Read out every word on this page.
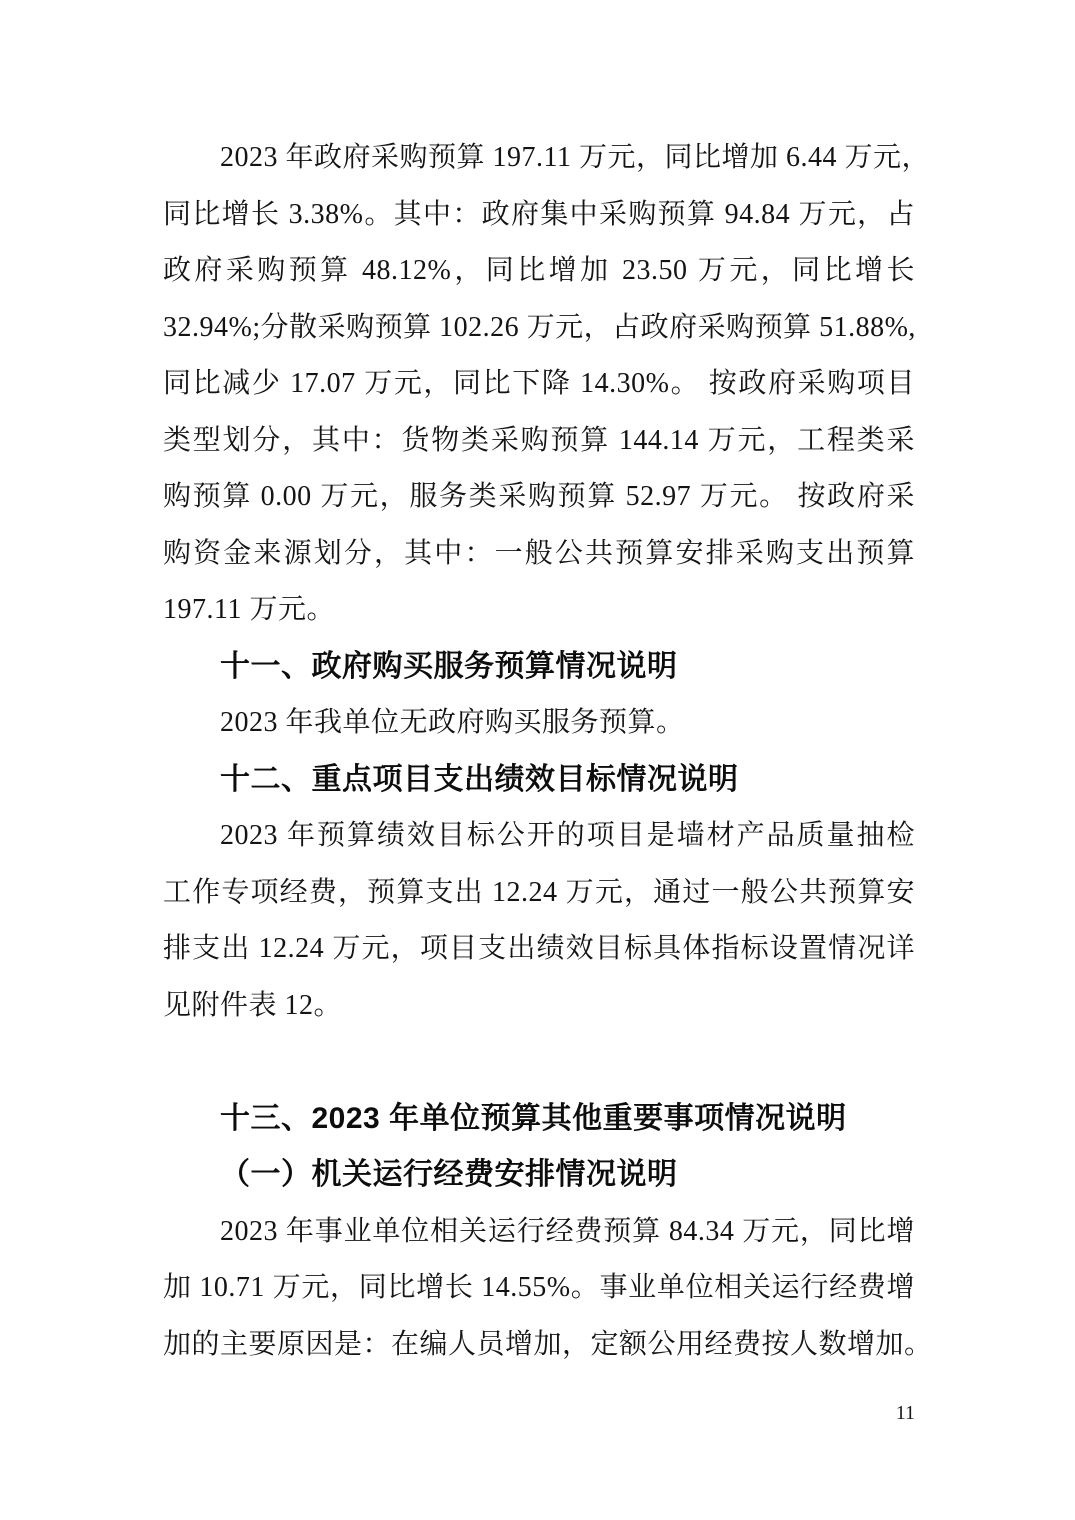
2023 年政府采购预算 197.11 万元，同比增加 6.44 万元，
同比增长 3.38%。其中：政府集中采购预算 94.84 万元，占
政府采购预算 48.12%，同比增加 23.50 万元，同比增长
32.94%;分散采购预算 102.26 万元，占政府采购预算 51.88%,
同比减少 17.07 万元，同比下降 14.30%。 按政府采购项目
类型划分，其中：货物类采购预算 144.14 万元，工程类采
购预算 0.00 万元，服务类采购预算 52.97 万元。 按政府采
购资金来源划分，其中：一般公共预算安排采购支出预算
197.11 万元。
十一、政府购买服务预算情况说明
2023 年我单位无政府购买服务预算。
十二、重点项目支出绩效目标情况说明
2023 年预算绩效目标公开的项目是墙材产品质量抽检
工作专项经费，预算支出 12.24 万元，通过一般公共预算安
排支出 12.24 万元，项目支出绩效目标具体指标设置情况详
见附件表 12。
十三、2023 年单位预算其他重要事项情况说明
（一）机关运行经费安排情况说明
2023 年事业单位相关运行经费预算 84.34 万元，同比增
加 10.71 万元，同比增长 14.55%。事业单位相关运行经费增
加的主要原因是：在编人员增加，定额公用经费按人数增加。
11
